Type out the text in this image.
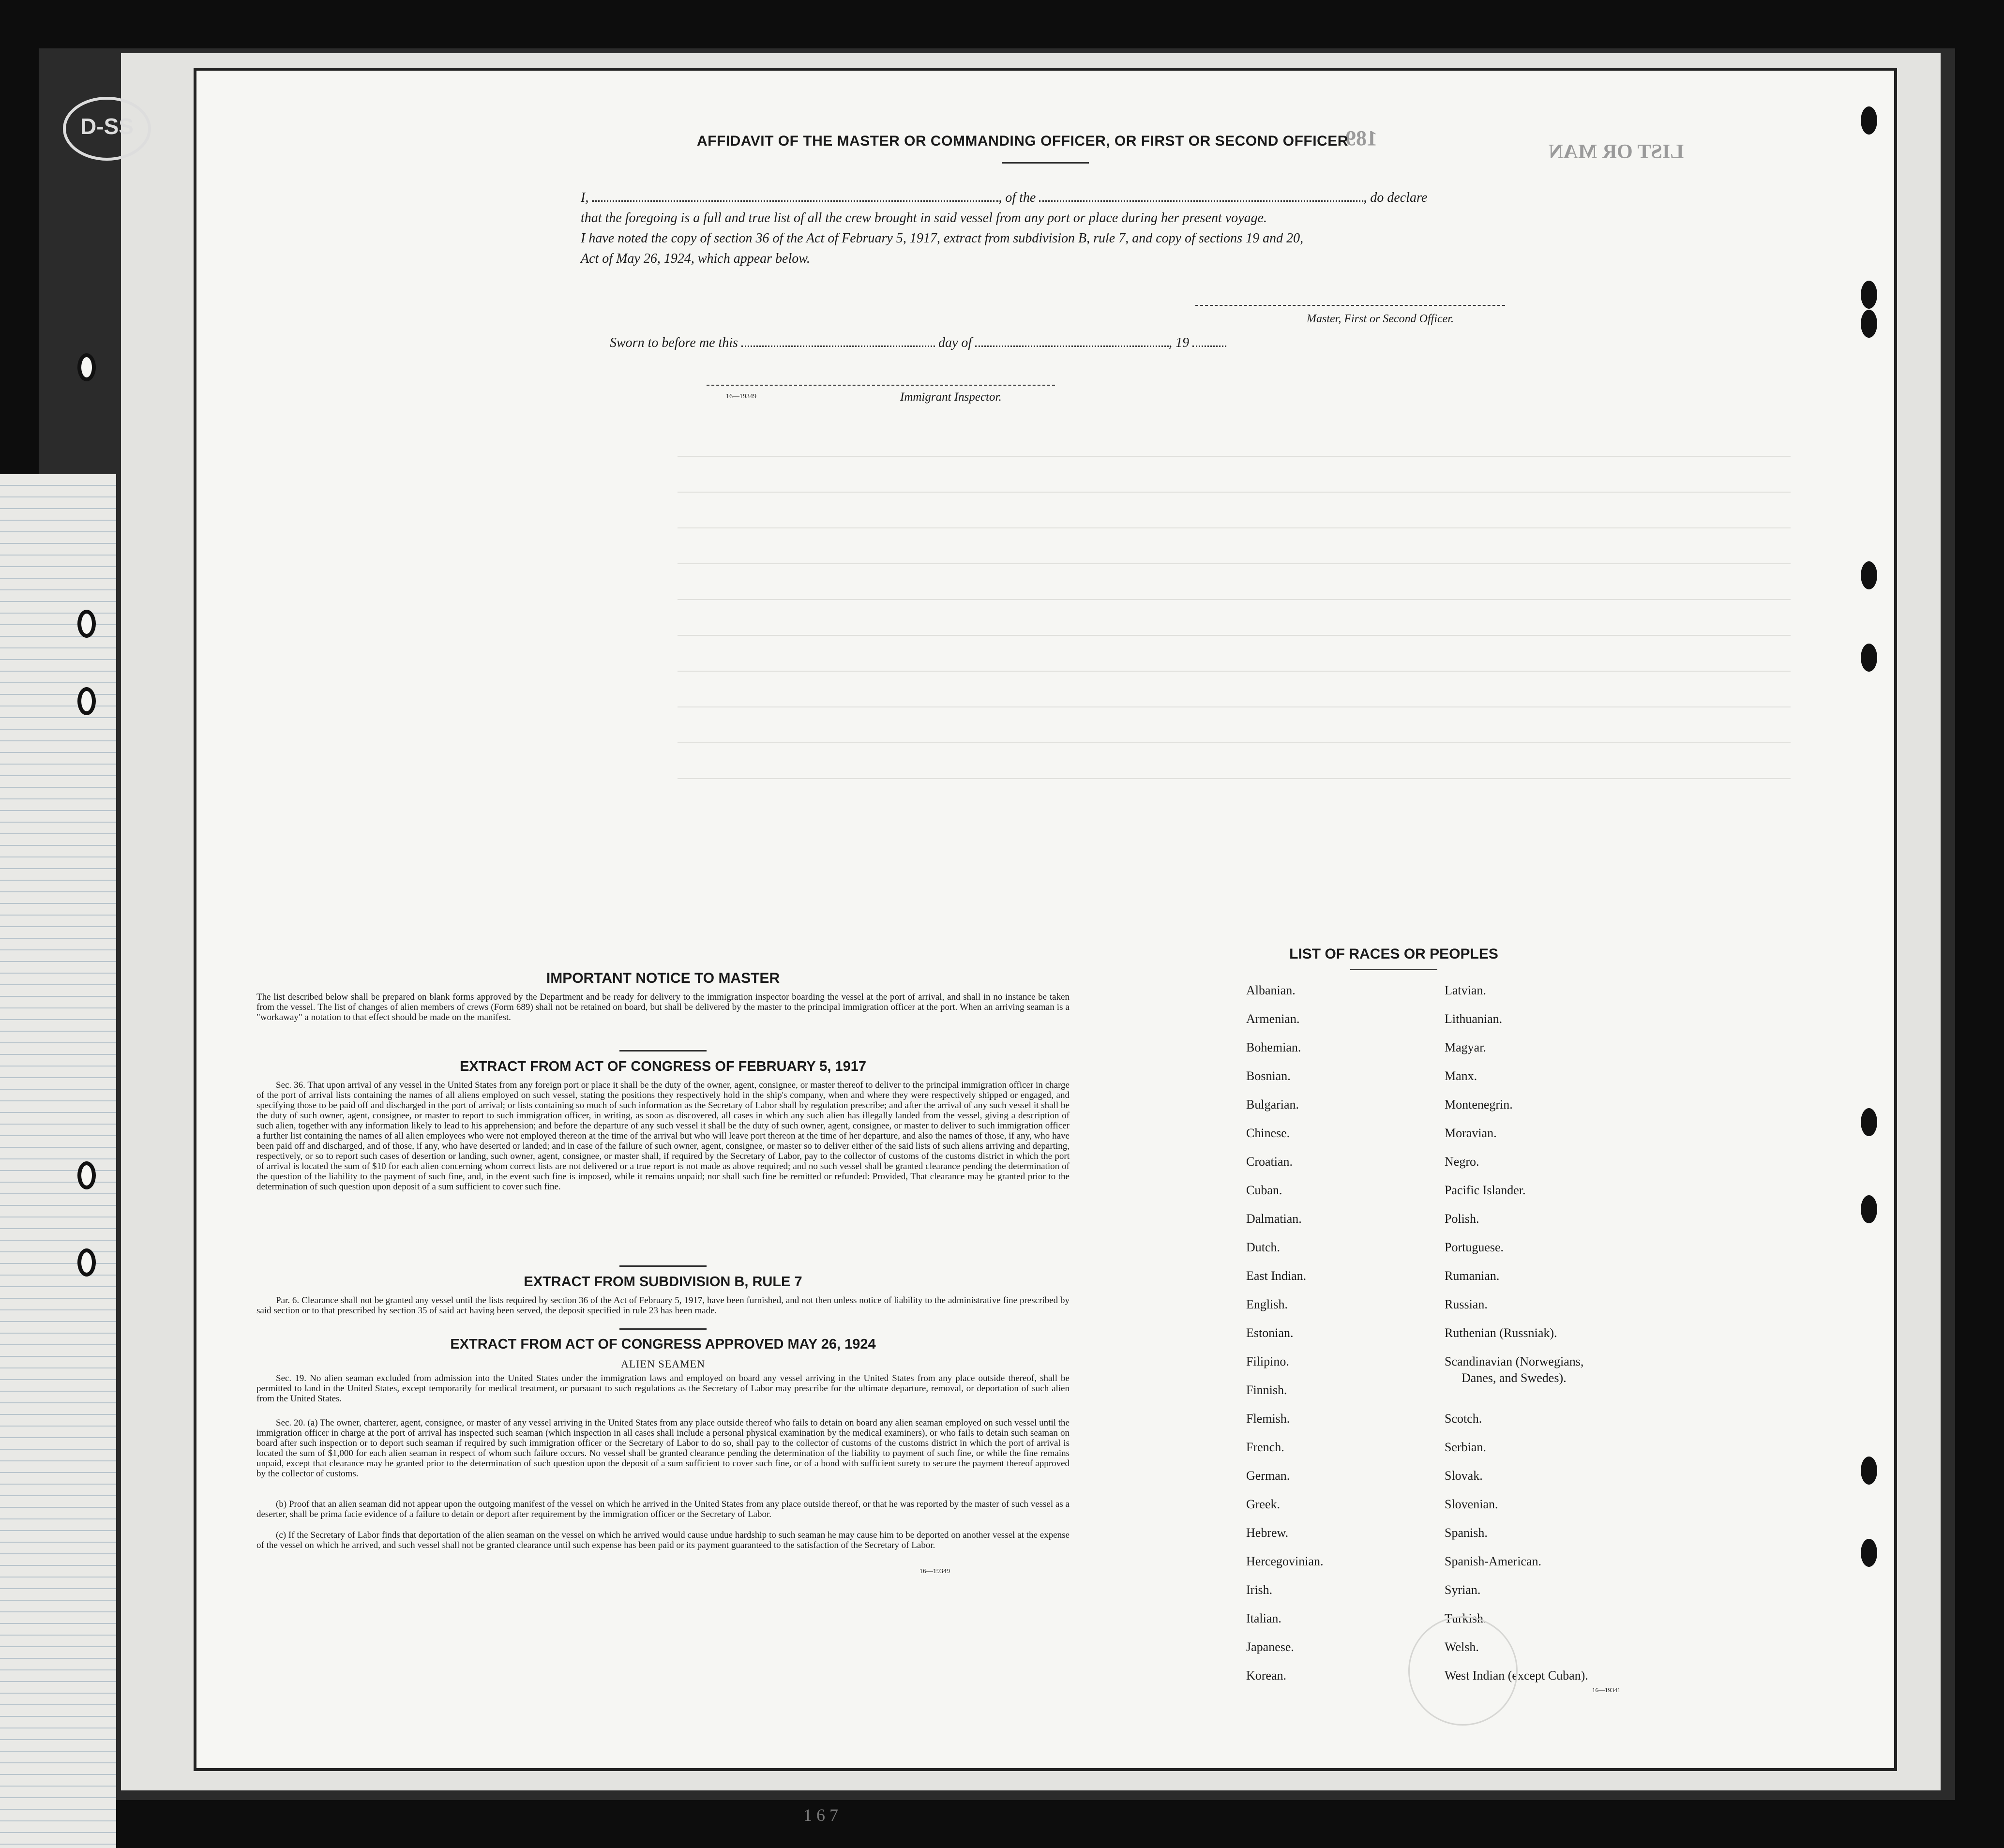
D-SS	189
LIST OR MAN
AFFIDAVIT OF THE MASTER OR COMMANDING OFFICER, OR FIRST OR SECOND OFFICER
I,	, of the	, do declare
that the foregoing is a full and true list of all the crew brought in said vessel from any port or place during her present voyage.
I have noted the copy of section 36 of the Act of February 5, 1917, extract from subdivision B, rule 7, and copy of sections 19 and 20,
Act of May 26, 1924, which appear below.
Master, First or Second Officer.
Sworn to before me this	day of	, 19
16—19349	Immigrant Inspector.
IMPORTANT NOTICE TO MASTER
The list described below shall be prepared on blank forms approved by the Department and be ready for delivery to the immigration inspector boarding the vessel at the port of arrival, and shall in no instance be taken from the vessel. The list of changes of alien members of crews (Form 689) shall not be retained on board, but shall be delivered by the master to the principal immigration officer at the port. When an arriving seaman is a "workaway" a notation to that effect should be made on the manifest.
EXTRACT FROM ACT OF CONGRESS OF FEBRUARY 5, 1917
Sec. 36. That upon arrival of any vessel in the United States from any foreign port or place it shall be the duty of the owner, agent, consignee, or master thereof to deliver to the principal immigration officer in charge of the port of arrival lists containing the names of all aliens employed on such vessel, stating the positions they respectively hold in the ship's company, when and where they were respectively shipped or engaged, and specifying those to be paid off and discharged in the port of arrival; or lists containing so much of such information as the Secretary of Labor shall by regulation prescribe; and after the arrival of any such vessel it shall be the duty of such owner, agent, consignee, or master to report to such immigration officer, in writing, as soon as discovered, all cases in which any such alien has illegally landed from the vessel, giving a description of such alien, together with any information likely to lead to his apprehension; and before the departure of any such vessel it shall be the duty of such owner, agent, consignee, or master to deliver to such immigration officer a further list containing the names of all alien employees who were not employed thereon at the time of the arrival but who will leave port thereon at the time of her departure, and also the names of those, if any, who have been paid off and discharged, and of those, if any, who have deserted or landed; and in case of the failure of such owner, agent, consignee, or master so to deliver either of the said lists of such aliens arriving and departing, respectively, or so to report such cases of desertion or landing, such owner, agent, consignee, or master shall, if required by the Secretary of Labor, pay to the collector of customs of the customs district in which the port of arrival is located the sum of $10 for each alien concerning whom correct lists are not delivered or a true report is not made as above required; and no such vessel shall be granted clearance pending the determination of the question of the liability to the payment of such fine, and, in the event such fine is imposed, while it remains unpaid; nor shall such fine be remitted or refunded: Provided, That clearance may be granted prior to the determination of such question upon deposit of a sum sufficient to cover such fine.
EXTRACT FROM SUBDIVISION B, RULE 7
Par. 6. Clearance shall not be granted any vessel until the lists required by section 36 of the Act of February 5, 1917, have been furnished, and not then unless notice of liability to the administrative fine prescribed by said section or to that prescribed by section 35 of said act having been served, the deposit specified in rule 23 has been made.
EXTRACT FROM ACT OF CONGRESS APPROVED MAY 26, 1924
ALIEN SEAMEN
Sec. 19. No alien seaman excluded from admission into the United States under the immigration laws and employed on board any vessel arriving in the United States from any place outside thereof, shall be permitted to land in the United States, except temporarily for medical treatment, or pursuant to such regulations as the Secretary of Labor may prescribe for the ultimate departure, removal, or deportation of such alien from the United States.
Sec. 20. (a) The owner, charterer, agent, consignee, or master of any vessel arriving in the United States from any place outside thereof who fails to detain on board any alien seaman employed on such vessel until the immigration officer in charge at the port of arrival has inspected such seaman (which inspection in all cases shall include a personal physical examination by the medical examiners), or who fails to detain such seaman on board after such inspection or to deport such seaman if required by such immigration officer or the Secretary of Labor to do so, shall pay to the collector of customs of the customs district in which the port of arrival is located the sum of $1,000 for each alien seaman in respect of whom such failure occurs. No vessel shall be granted clearance pending the determination of the liability to payment of such fine, or while the fine remains unpaid, except that clearance may be granted prior to the determination of such question upon the deposit of a sum sufficient to cover such fine, or of a bond with sufficient surety to secure the payment thereof approved by the collector of customs.
(b) Proof that an alien seaman did not appear upon the outgoing manifest of the vessel on which he arrived in the United States from any place outside thereof, or that he was reported by the master of such vessel as a deserter, shall be prima facie evidence of a failure to detain or deport after requirement by the immigration officer or the Secretary of Labor.
(c) If the Secretary of Labor finds that deportation of the alien seaman on the vessel on which he arrived would cause undue hardship to such seaman he may cause him to be deported on another vessel at the expense of the vessel on which he arrived, and such vessel shall not be granted clearance until such expense has been paid or its payment guaranteed to the satisfaction of the Secretary of Labor.
16—19349
LIST OF RACES OR PEOPLES
Albanian.
Armenian.
Bohemian.
Bosnian.
Bulgarian.
Chinese.
Croatian.
Cuban.
Dalmatian.
Dutch.
East Indian.
English.
Estonian.
Filipino.
Finnish.
Flemish.
French.
German.
Greek.
Hebrew.
Hercegovinian.
Irish.
Italian.
Japanese.
Korean.
Latvian.
Lithuanian.
Magyar.
Manx.
Montenegrin.
Moravian.
Negro.
Pacific Islander.
Polish.
Portuguese.
Rumanian.
Russian.
Ruthenian (Russniak).
Scandinavian (Norwegians,
Danes, and Swedes).
Scotch.
Serbian.
Slovak.
Slovenian.
Spanish.
Spanish-American.
Syrian.
Turkish.
Welsh.
West Indian (except Cuban).
16—19341
1 6 7
